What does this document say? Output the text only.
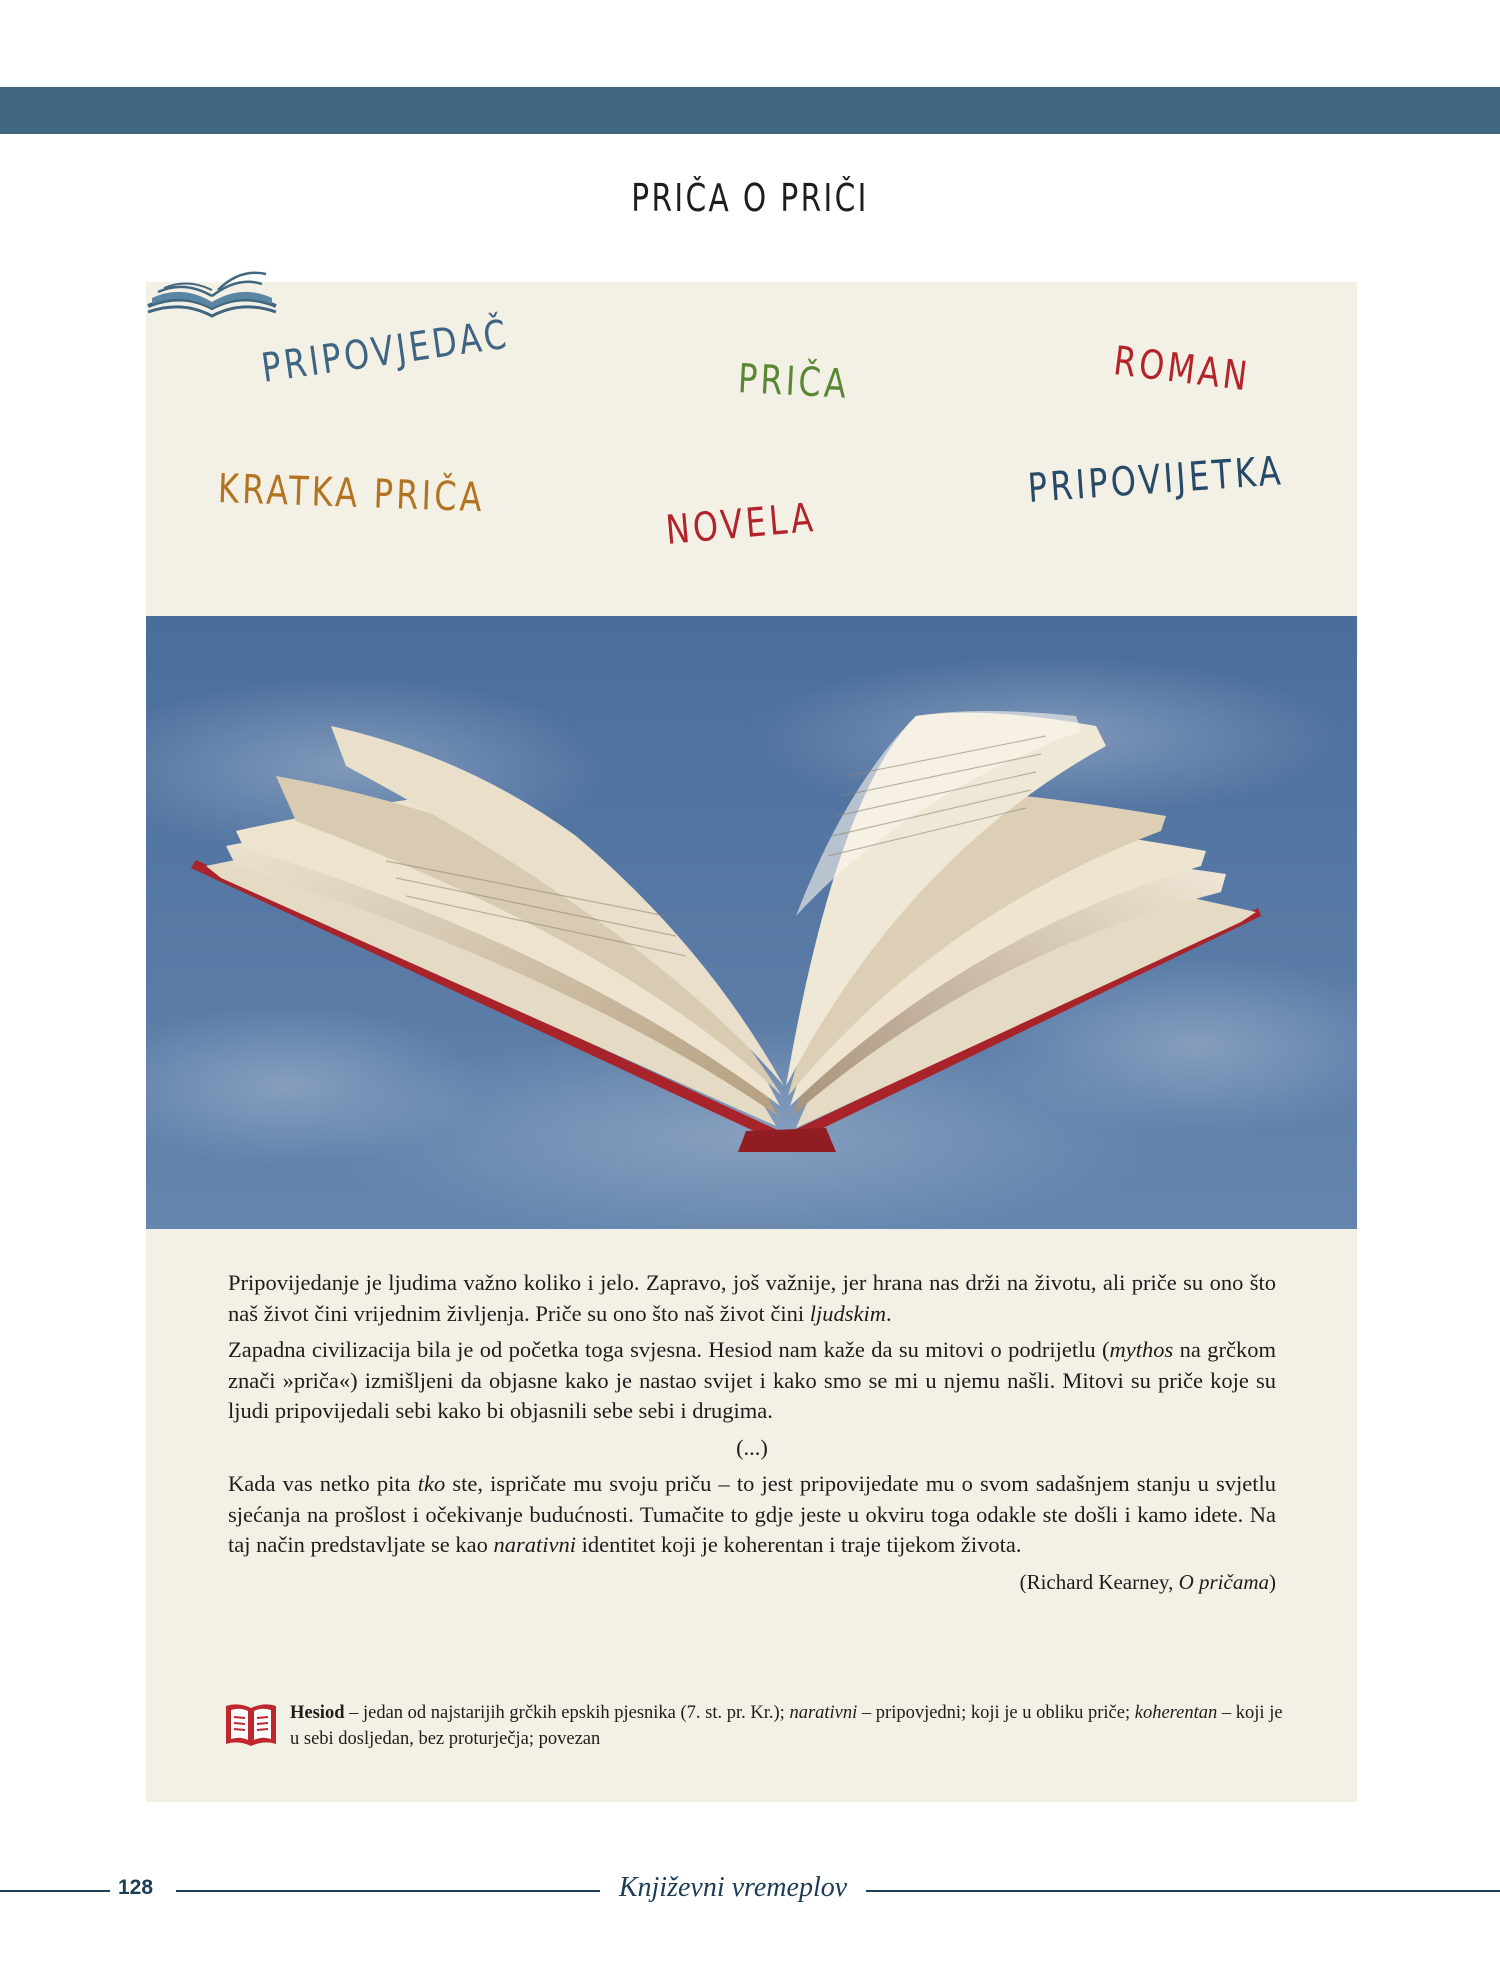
PRIČA O PRIČI
PRIPOVJEDAČ	PRIČA	ROMAN
KRATKA PRIČA
NOVELA
PRIPOVIJETKA

Pripovijedanje je ljudima važno koliko i jelo. Zapravo, još važnije, jer hrana nas drži na životu, ali priče su ono što naš život čini vrijednim življenja. Priče su ono što naš život čini ljudskim.

Zapadna civilizacija bila je od početka toga svjesna. Hesiod nam kaže da su mitovi o podrijetlu (mythos na grčkom znači »priča«) izmišljeni da objasne kako je nastao svijet i kako smo se mi u njemu našli. Mitovi su priče koje su ljudi pripovijedali sebi kako bi objasnili sebe sebi i drugima.

(...)

Kada vas netko pita tko ste, ispričate mu svoju priču – to jest pripovijedate mu o svom sadašnjem stanju u svjetlu sjećanja na prošlost i očekivanje budućnosti. Tumačite to gdje jeste u okviru toga odakle ste došli i kamo idete. Na taj način predstavljate se kao narativni identitet koji je koherentan i traje tijekom života.

(Richard Kearney, O pričama)
Hesiod – jedan od najstarijih grčkih epskih pjesnika (7. st. pr. Kr.); narativni – pripovjedni; koji je u obliku priče; koherentan – koji je u sebi dosljedan, bez proturječja; povezan
128	Književni vremeplov
